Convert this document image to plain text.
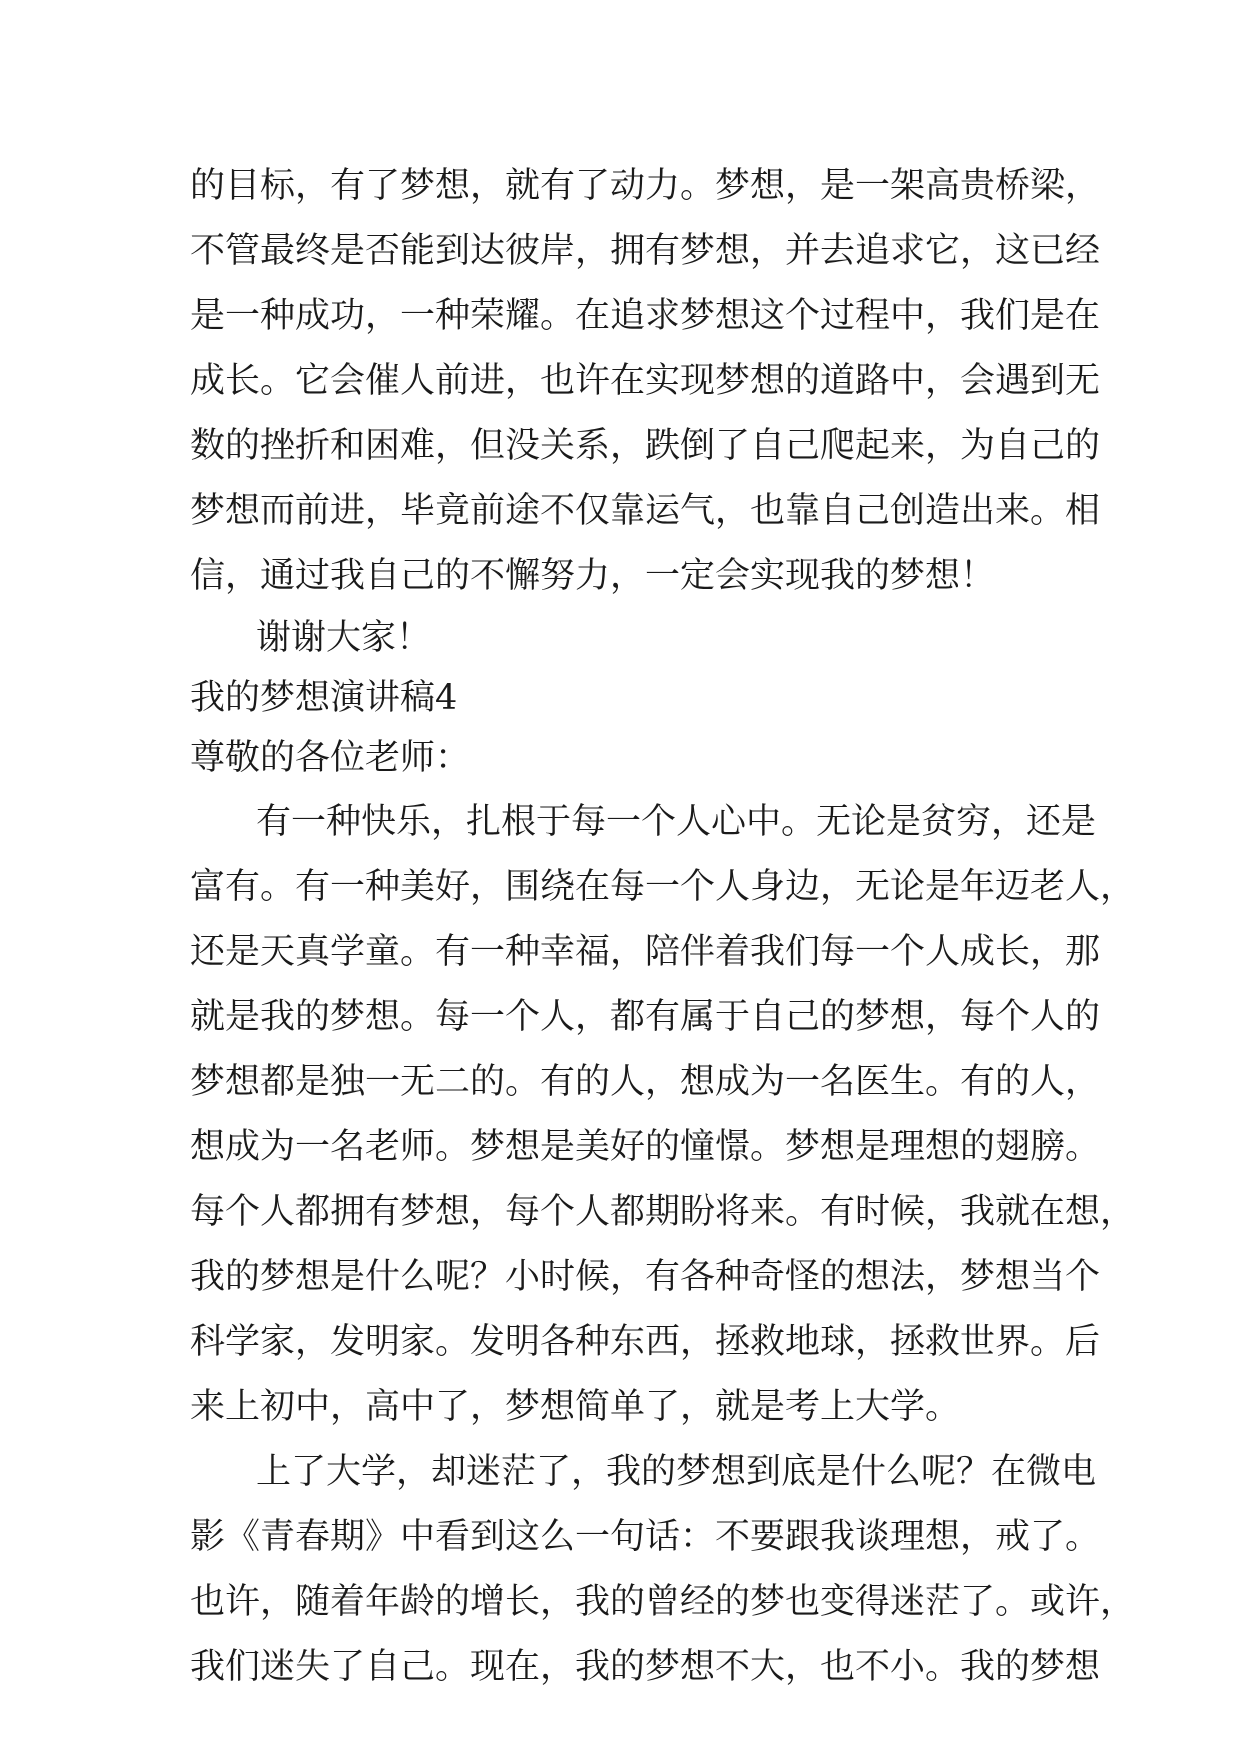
的目标，有了梦想，就有了动力。梦想，是一架高贵桥梁，
不管最终是否能到达彼岸，拥有梦想，并去追求它，这已经
是一种成功，一种荣耀。在追求梦想这个过程中，我们是在
成长。它会催人前进，也许在实现梦想的道路中，会遇到无
数的挫折和困难，但没关系，跌倒了自己爬起来，为自己的
梦想而前进，毕竟前途不仅靠运气，也靠自己创造出来。相
信，通过我自己的不懈努力，一定会实现我的梦想！
谢谢大家！
我的梦想演讲稿4
尊敬的各位老师：
有一种快乐，扎根于每一个人心中。无论是贫穷，还是
富有。有一种美好，围绕在每一个人身边，无论是年迈老人，
还是天真学童。有一种幸福，陪伴着我们每一个人成长，那
就是我的梦想。每一个人，都有属于自己的梦想，每个人的
梦想都是独一无二的。有的人，想成为一名医生。有的人，
想成为一名老师。梦想是美好的憧憬。梦想是理想的翅膀。
每个人都拥有梦想，每个人都期盼将来。有时候，我就在想，
我的梦想是什么呢？小时候，有各种奇怪的想法，梦想当个
科学家，发明家。发明各种东西，拯救地球，拯救世界。后
来上初中，高中了，梦想简单了，就是考上大学。
上了大学，却迷茫了，我的梦想到底是什么呢？在微电
影《青春期》中看到这么一句话：不要跟我谈理想，戒了。
也许，随着年龄的增长，我的曾经的梦也变得迷茫了。或许，
我们迷失了自己。现在，我的梦想不大，也不小。我的梦想
